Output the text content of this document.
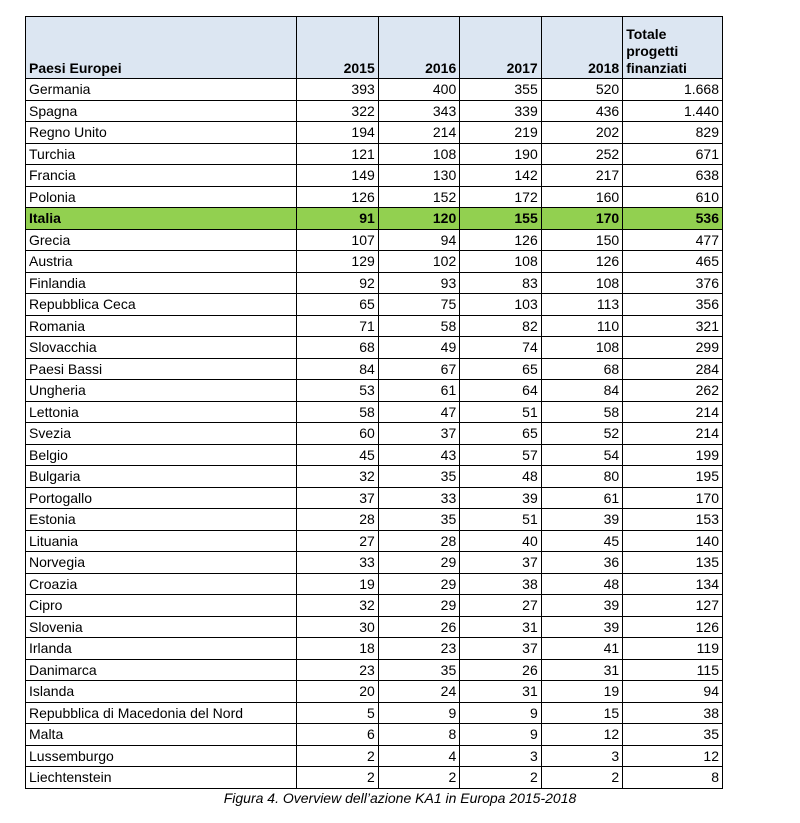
Paesi Europei	2015	2016	2017	2018	Totale progetti finanziati
Germania	393	400	355	520	1.668
Spagna	322	343	339	436	1.440
Regno Unito	194	214	219	202	829
Turchia	121	108	190	252	671
Francia	149	130	142	217	638
Polonia	126	152	172	160	610
Italia	91	120	155	170	536
Grecia	107	94	126	150	477
Austria	129	102	108	126	465
Finlandia	92	93	83	108	376
Repubblica Ceca	65	75	103	113	356
Romania	71	58	82	110	321
Slovacchia	68	49	74	108	299
Paesi Bassi	84	67	65	68	284
Ungheria	53	61	64	84	262
Lettonia	58	47	51	58	214
Svezia	60	37	65	52	214
Belgio	45	43	57	54	199
Bulgaria	32	35	48	80	195
Portogallo	37	33	39	61	170
Estonia	28	35	51	39	153
Lituania	27	28	40	45	140
Norvegia	33	29	37	36	135
Croazia	19	29	38	48	134
Cipro	32	29	27	39	127
Slovenia	30	26	31	39	126
Irlanda	18	23	37	41	119
Danimarca	23	35	26	31	115
Islanda	20	24	31	19	94
Repubblica di Macedonia del Nord	5	9	9	15	38
Malta	6	8	9	12	35
Lussemburgo	2	4	3	3	12
Liechtenstein	2	2	2	2	8
Figura 4. Overview dell’azione KA1 in Europa 2015-2018
